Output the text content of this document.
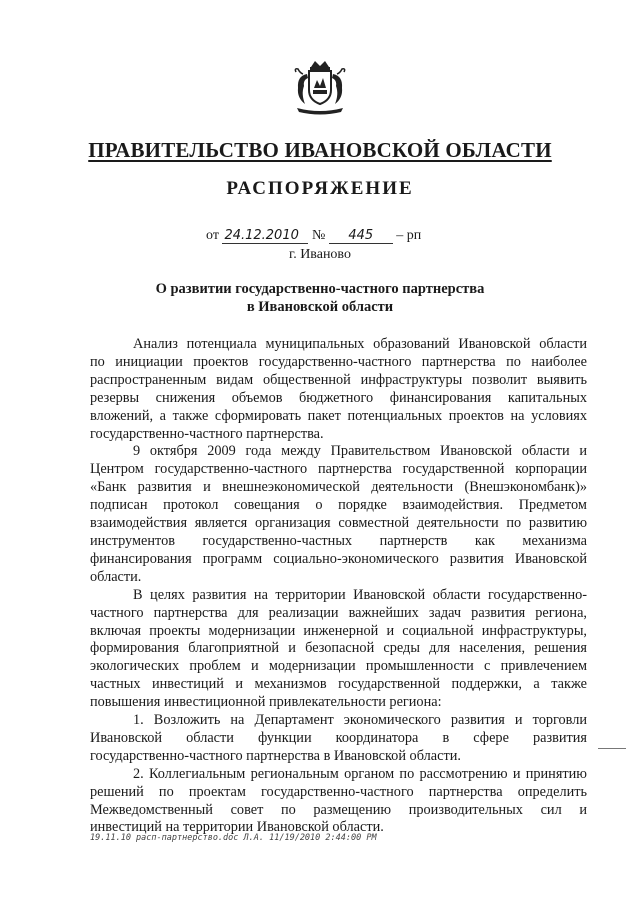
ПРАВИТЕЛЬСТВО ИВАНОВСКОЙ ОБЛАСТИ
РАСПОРЯЖЕНИЕ
от 24.12.2010 № 445 – рп
г. Иваново
О развитии государственно-частного партнерства
в Ивановской области

Анализ потенциала муниципальных образований Ивановской области

по инициации проектов государственно-частного партнерства по наиболее

распространенным видам общественной инфраструктуры позволит выявить

резервы снижения объемов бюджетного финансирования капитальных

вложений, а также сформировать пакет потенциальных проектов на условиях

государственно-частного партнерства.

9 октября 2009 года между Правительством Ивановской области и

Центром государственно-частного партнерства государственной корпорации

«Банк развития и внешнеэкономической деятельности (Внешэкономбанк)»

подписан протокол совещания о порядке взаимодействия. Предметом

взаимодействия является организация совместной деятельности по развитию

инструментов государственно-частных партнерств как механизма

финансирования программ социально-экономического развития Ивановской

области.

В целях развития на территории Ивановской области государственно-

частного партнерства для реализации важнейших задач развития региона,

включая проекты модернизации инженерной и социальной инфраструктуры,

формирования благоприятной и безопасной среды для населения, решения

экологических проблем и модернизации промышленности с привлечением

частных инвестиций и механизмов государственной поддержки, а также

повышения инвестиционной привлекательности региона:

1. Возложить на Департамент экономического развития и торговли

Ивановской области функции координатора в сфере развития

государственно-частного партнерства в Ивановской области.

2. Коллегиальным региональным органом по рассмотрению и принятию

решений по проектам государственно-частного партнерства определить

Межведомственный совет по размещению производительных сил и

инвестиций на территории Ивановской области.

19.11.10 расп-партнерство.doc Л.А. 11/19/2010 2:44:00 PM
